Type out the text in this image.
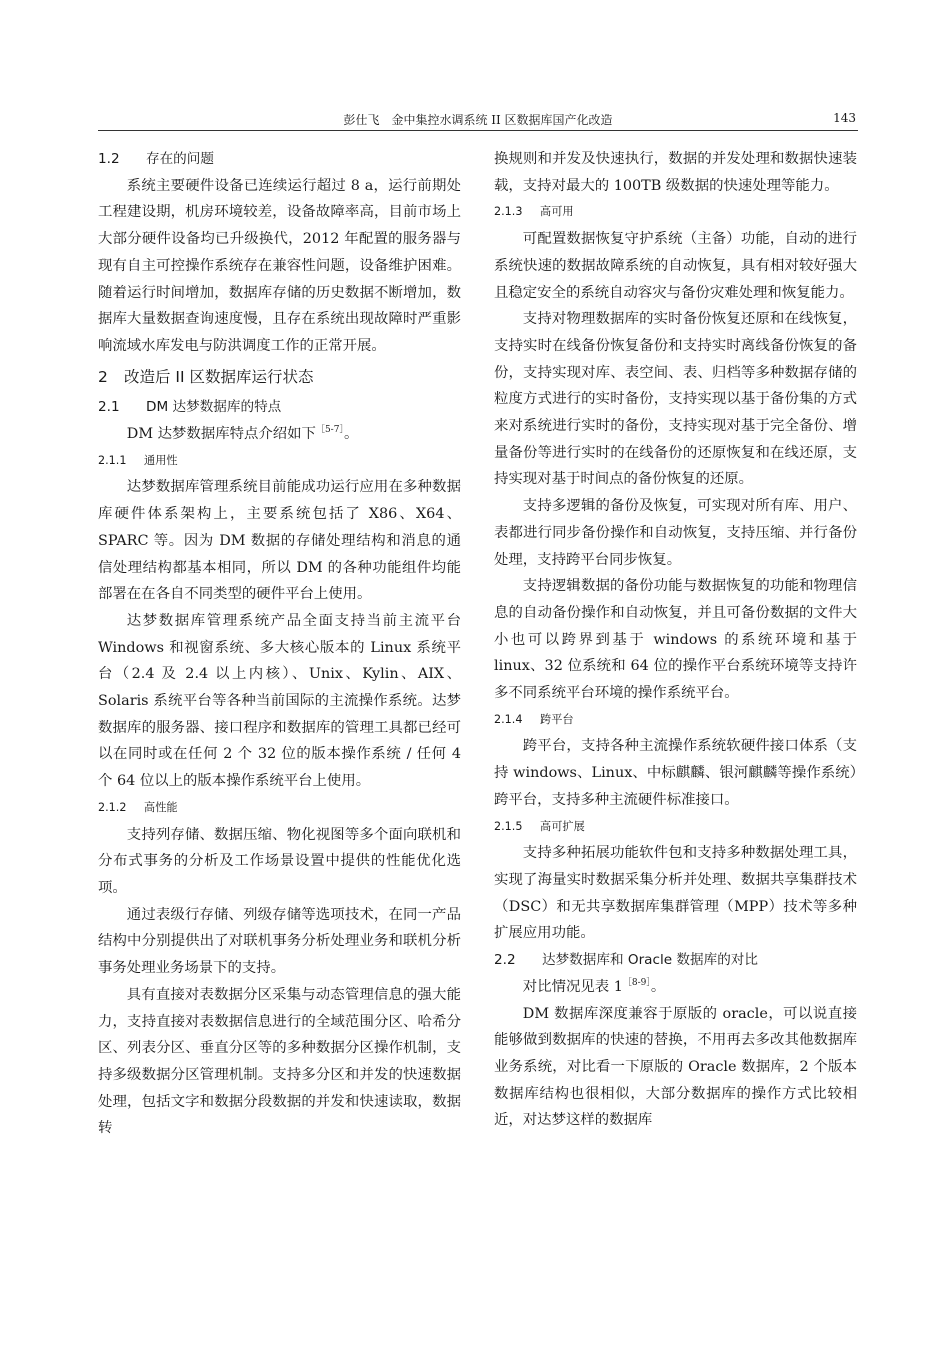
彭仕飞　金中集控水调系统 II 区数据库国产化改造	143
1.2 存在的问题

系统主要硬件设备已连续运行超过 8 a，运行前期处工程建设期，机房环境较差，设备故障率高，目前市场上大部分硬件设备均已升级换代，2012 年配置的服务器与现有自主可控操作系统存在兼容性问题，设备维护困难。随着运行时间增加，数据库存储的历史数据不断增加，数据库大量数据查询速度慢，且存在系统出现故障时严重影响流域水库发电与防洪调度工作的正常开展。

2 改造后 II 区数据库运行状态
2.1 DM 达梦数据库的特点

DM 达梦数据库特点介绍如下$^{[5-7]}$。

2.1.1 通用性

达梦数据库管理系统目前能成功运行应用在多种数据库硬件体系架构上，主要系统包括了 X86、X64、SPARC 等。因为 DM 数据的存储处理结构和消息的通信处理结构都基本相同，所以 DM 的各种功能组件均能部署在在各自不同类型的硬件平台上使用。

达梦数据库管理系统产品全面支持当前主流平台 Windows 和视窗系统、多大核心版本的 Linux 系统平台（2.4 及 2.4 以上内核）、Unix、Kylin、AIX、Solaris 系统平台等各种当前国际的主流操作系统。达梦数据库的服务器、接口程序和数据库的管理工具都已经可以在同时或在任何 2 个 32 位的版本操作系统 / 任何 4 个 64 位以上的版本操作系统平台上使用。

2.1.2 高性能

支持列存储、数据压缩、物化视图等多个面向联机和分布式事务的分析及工作场景设置中提供的性能优化选项。

通过表级行存储、列级存储等选项技术，在同一产品结构中分别提供出了对联机事务分析处理业务和联机分析事务处理业务场景下的支持。

具有直接对表数据分区采集与动态管理信息的强大能力，支持直接对表数据信息进行的全域范围分区、哈希分区、列表分区、垂直分区等的多种数据分区操作机制，支持多级数据分区管理机制。支持多分区和并发的快速数据处理，包括文字和数据分段数据的并发和快速读取，数据转

换规则和并发及快速执行，数据的并发处理和数据快速装载，支持对最大的 100TB 级数据的快速处理等能力。

2.1.3 高可用

可配置数据恢复守护系统（主备）功能，自动的进行系统快速的数据故障系统的自动恢复，具有相对较好强大且稳定安全的系统自动容灾与备份灾难处理和恢复能力。

支持对物理数据库的实时备份恢复还原和在线恢复，支持实时在线备份恢复备份和支持实时离线备份恢复的备份，支持实现对库、表空间、表、归档等多种数据存储的粒度方式进行的实时备份，支持实现以基于备份集的方式来对系统进行实时的备份，支持实现对基于完全备份、增量备份等进行实时的在线备份的还原恢复和在线还原，支持实现对基于时间点的备份恢复的还原。

支持多逻辑的备份及恢复，可实现对所有库、用户、表都进行同步备份操作和自动恢复，支持压缩、并行备份处理，支持跨平台同步恢复。

支持逻辑数据的备份功能与数据恢复的功能和物理信息的自动备份操作和自动恢复，并且可备份数据的文件大小也可以跨界到基于 windows 的系统环境和基于 linux、32 位系统和 64 位的操作平台系统环境等支持许多不同系统平台环境的操作系统平台。

2.1.4 跨平台

跨平台，支持各种主流操作系统软硬件接口体系（支持 windows、Linux、中标麒麟、银河麒麟等操作系统）跨平台，支持多种主流硬件标准接口。

2.1.5 高可扩展

支持多种拓展功能软件包和支持多种数据处理工具，实现了海量实时数据采集分析并处理、数据共享集群技术（DSC）和无共享数据库集群管理（MPP）技术等多种扩展应用功能。

2.2 达梦数据库和 Oracle 数据库的对比

对比情况见表 $1^{[8-9]}$。

DM 数据库深度兼容于原版的 oracle，可以说直接能够做到数据库的快速的替换，不用再去多改其他数据库业务系统，对比看一下原版的 Oracle 数据库，2 个版本数据库结构也很相似，大部分数据库的操作方式比较相近，对达梦这样的数据库
